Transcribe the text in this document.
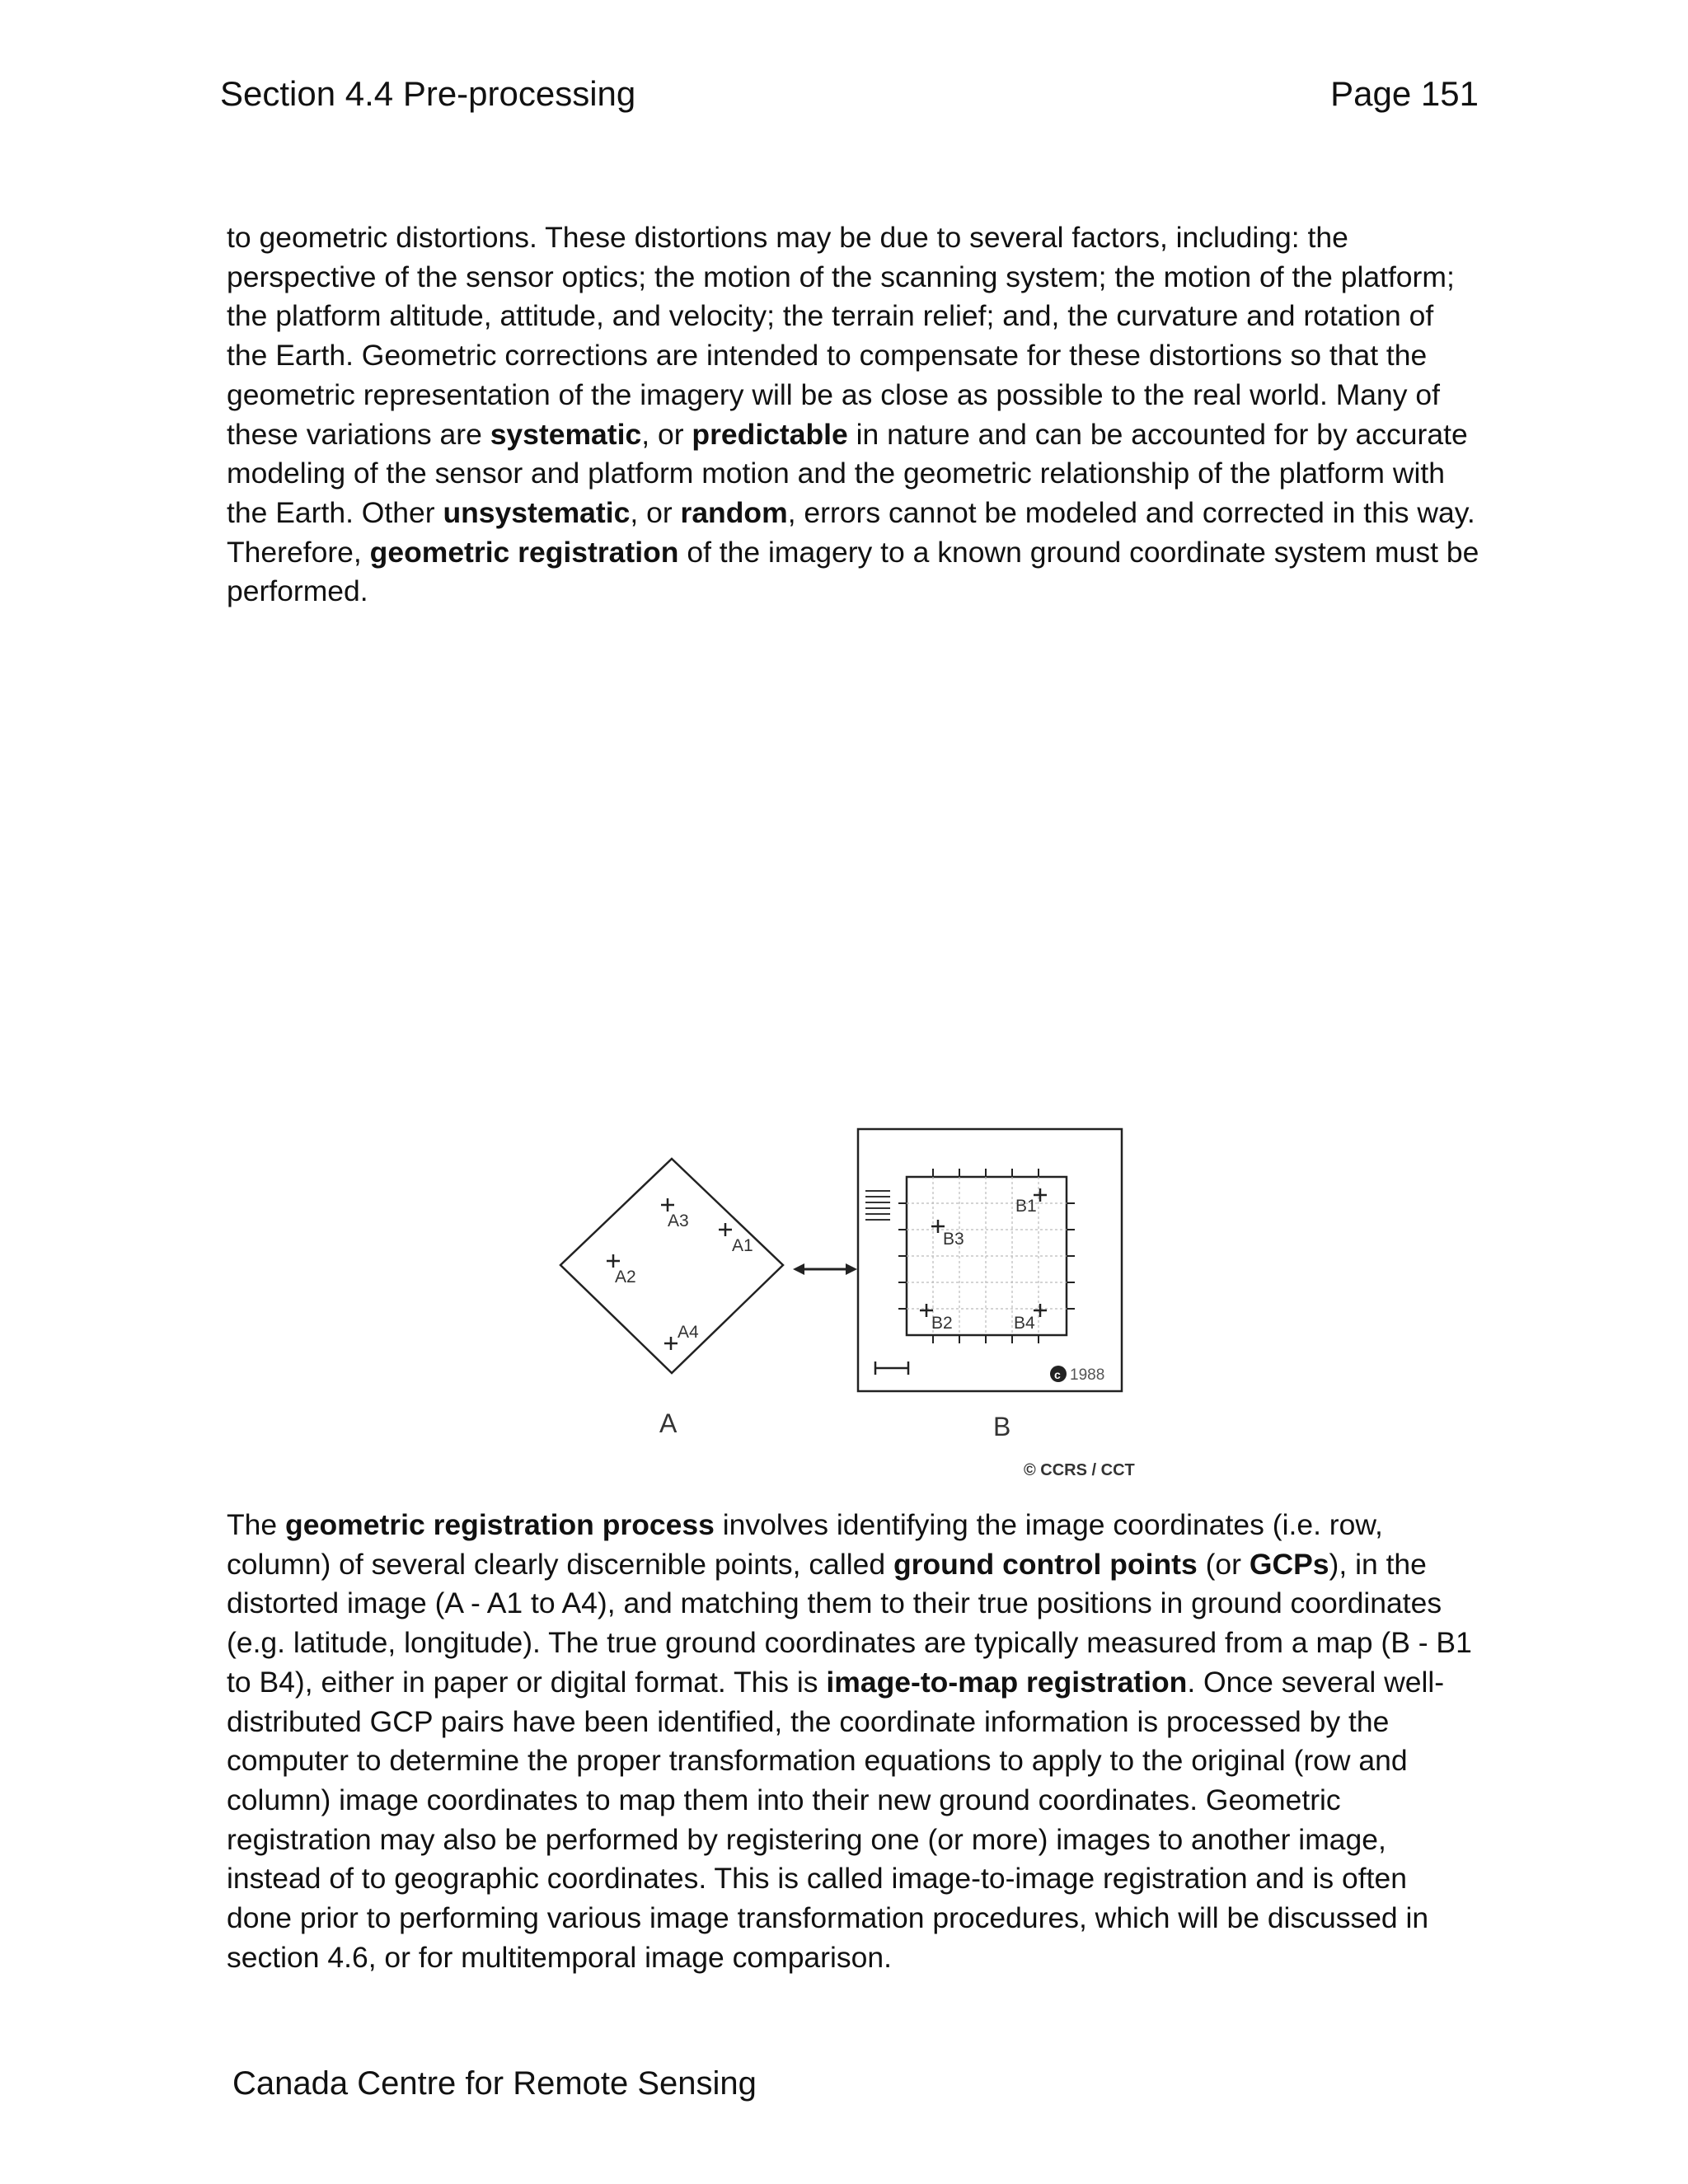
Section 4.4 Pre-processing	Page 151

to geometric distortions. These distortions may be due to several factors, including: the perspective of the sensor optics; the motion of the scanning system; the motion of the platform; the platform altitude, attitude, and velocity; the terrain relief; and, the curvature and rotation of the Earth. Geometric corrections are intended to compensate for these distortions so that the geometric representation of the imagery will be as close as possible to the real world. Many of these variations are systematic, or predictable in nature and can be accounted for by accurate modeling of the sensor and platform motion and the geometric relationship of the platform with the Earth. Other unsystematic, or random, errors cannot be modeled and corrected in this way. Therefore, geometric registration of the imagery to a known ground coordinate system must be performed.

A3
A1
A2
A4
B3
B1
B2	B4
c 1988
A	B
© CCRS / CCT

The geometric registration process involves identifying the image coordinates (i.e. row, column) of several clearly discernible points, called ground control points (or GCPs), in the distorted image (A - A1 to A4), and matching them to their true positions in ground coordinates (e.g. latitude, longitude). The true ground coordinates are typically measured from a map (B - B1 to B4), either in paper or digital format. This is image-to-map registration. Once several well-distributed GCP pairs have been identified, the coordinate information is processed by the computer to determine the proper transformation equations to apply to the original (row and column) image coordinates to map them into their new ground coordinates. Geometric registration may also be performed by registering one (or more) images to another image, instead of to geographic coordinates. This is called image-to-image registration and is often done prior to performing various image transformation procedures, which will be discussed in section 4.6, or for multitemporal image comparison.

Canada Centre for Remote Sensing
